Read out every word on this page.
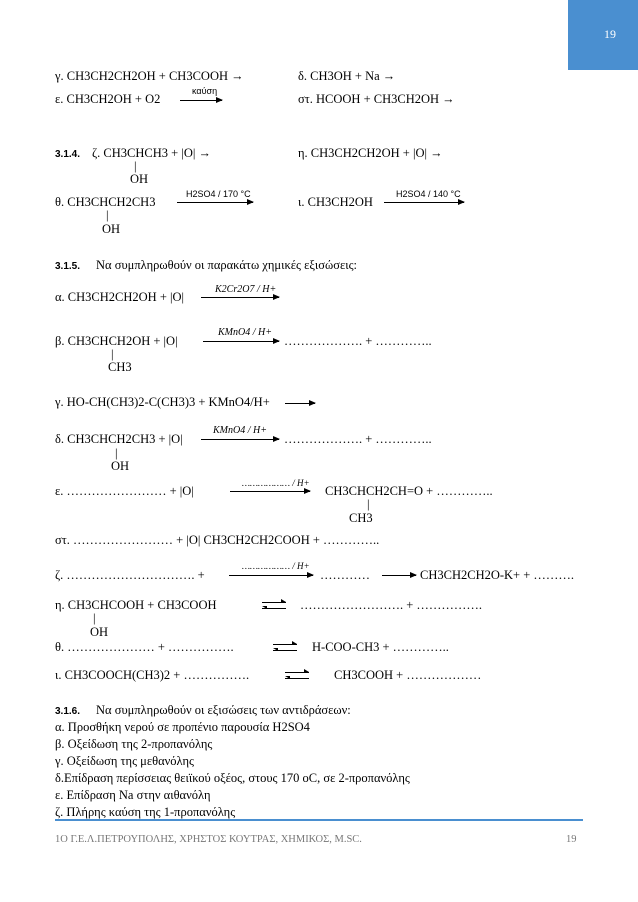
19
γ. CH3CH2CH2OH + CH3COOH →	δ. CH3OH + Na →
ε. CH3CH2OH + O2
καύση
στ. HCOOH + CH3CH2OH →
3.1.4. ζ. CH3CHCH3 + |O| →	η. CH3CH2CH2OH + |O| →
|
OH
θ. CH3CHCH2CH3
H2SO4 / 170 °C
ι. CH3CH2OH
H2SO4 / 140 °C
|
OH
3.1.5. Να συμπληρωθούν οι παρακάτω χημικές εξισώσεις:
α. CH3CH2CH2OH + |O|
K2Cr2O7 / H+
β. CH3CHCH2OH + |O|
KMnO4 / H+
………………. + …………..
|
CH3
γ. HO-CH(CH3)2-C(CH3)3 + KMnO4/H+ →
δ. CH3CHCH2CH3 + |O|
KMnO4 / H+
………………. + …………..
|
OH
ε. …………………… + |O|
……………… / H+
CH3CHCH2CH=O + …………..
|
CH3
στ. …………………… + |O| CH3CH2CH2COOH + …………..
ζ. …………………………. +
……………… / H+
………… → CH3CH2CH2O-K+ + ……….
η. CH3CHCOOH + CH3COOH	……………………. + …………….
|
OH
θ. ………………… + …………….	H-COO-CH3 + …………..
ι. CH3COOCH(CH3)2 + …………….	CH3COOH + ………………
3.1.6. Να συμπληρωθούν οι εξισώσεις των αντιδράσεων:
α. Προσθήκη νερού σε προπένιο παρουσία H2SO4
β. Οξείδωση της 2-προπανόλης
γ. Οξείδωση της μεθανόλης
δ.Επίδραση περίσσειας θειϊκού οξέος, στους 170 οC, σε 2-προπανόλης
ε. Επίδραση Na στην αιθανόλη
ζ. Πλήρης καύση της 1-προπανόλης
1Ο Γ.Ε.Λ.ΠΕΤΡΟΥΠΟΛΗΣ, ΧΡΗΣΤΟΣ ΚΟΥΤΡΑΣ, ΧΗΜΙΚΟΣ, M.SC.	19
